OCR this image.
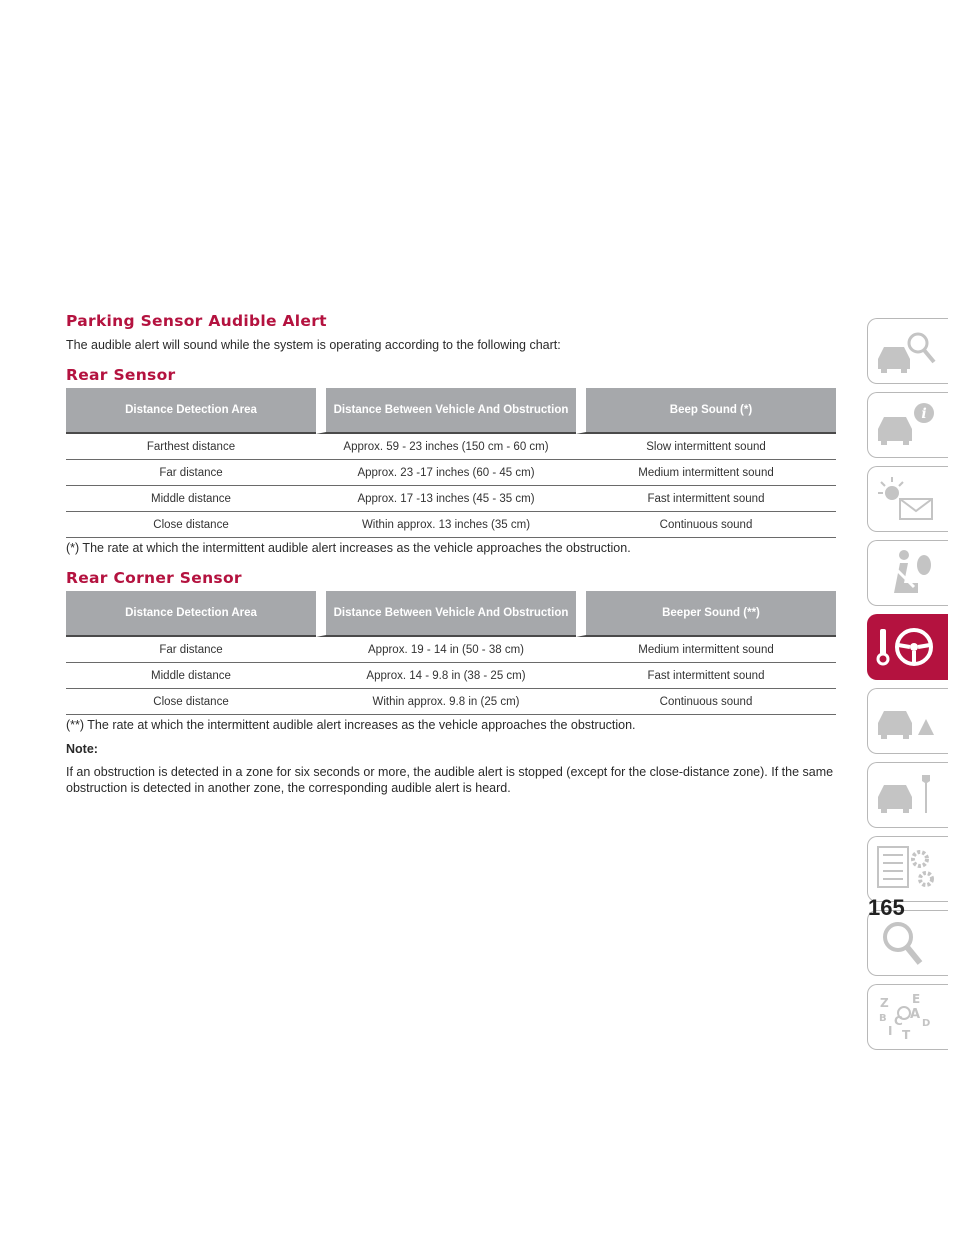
Parking Sensor Audible Alert

The audible alert will sound while the system is operating according to the following chart:

Rear Sensor
Distance Detection Area	Distance Between Vehicle And Obstruction	Beep Sound (*)
Farthest distance	Approx. 59 - 23 inches (150 cm - 60 cm)	Slow intermittent sound
Far distance	Approx. 23 -17 inches (60 - 45 cm)	Medium intermittent sound
Middle distance	Approx. 17 -13 inches (45 - 35 cm)	Fast intermittent sound
Close distance	Within approx. 13 inches (35 cm)	Continuous sound

(*) The rate at which the intermittent audible alert increases as the vehicle approaches the obstruction.

Rear Corner Sensor
Distance Detection Area	Distance Between Vehicle And Obstruction	Beeper Sound (**)
Far distance	Approx. 19 - 14 in (50 - 38 cm)	Medium intermittent sound
Middle distance	Approx. 14 - 9.8 in (38 - 25 cm)	Fast intermittent sound
Close distance	Within approx. 9.8 in (25 cm)	Continuous sound

(**) The rate at which the intermittent audible alert increases as the vehicle approaches the obstruction.

Note:

If an obstruction is detected in a zone for six seconds or more, the audible alert is stopped (except for the close-distance zone). If the same obstruction is detected in another zone, the corresponding audible alert is heard.

i
Z E
A
B C D
I T
165
